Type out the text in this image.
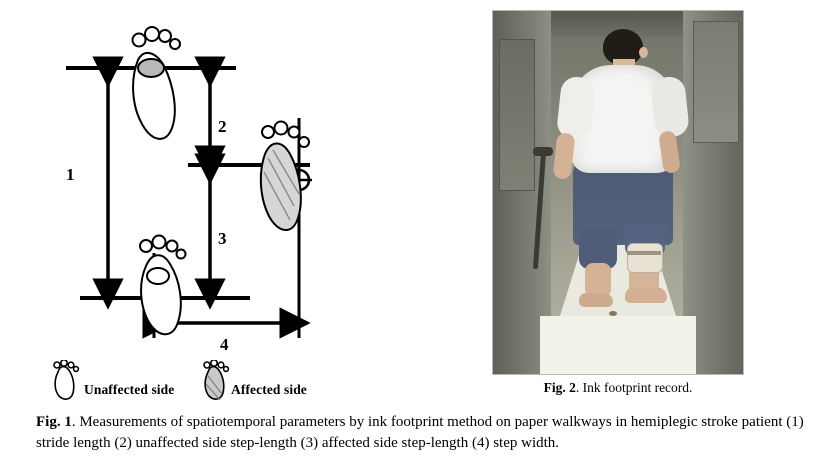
1
2
3
4
Unaffected side	Affected side	Fig. 2. Ink footprint record.
Fig. 1. Measurements of spatiotemporal parameters by ink footprint method on paper walkways in hemiplegic stroke patient (1) stride length (2) unaffected side step-length (3) affected side step-length (4) step width.
